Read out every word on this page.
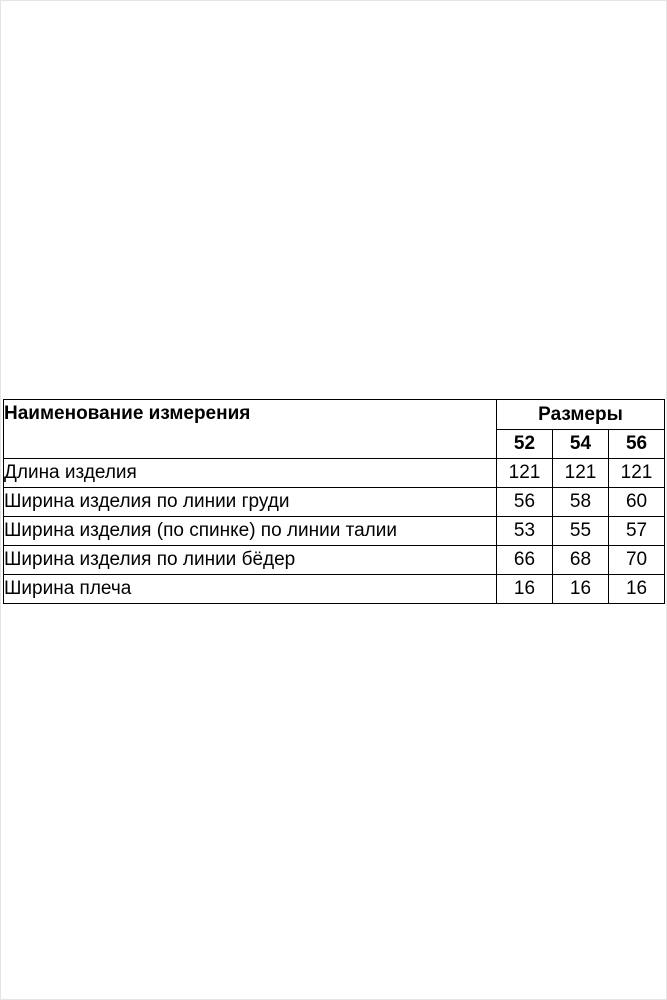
Наименование измерения	Размеры		
	52	54	56
Длина изделия	121	121	121
Ширина изделия по линии груди	56	58	60
Ширина изделия (по спинке) по линии талии	53	55	57
Ширина изделия по линии бёдер	66	68	70
Ширина плеча	16	16	16
